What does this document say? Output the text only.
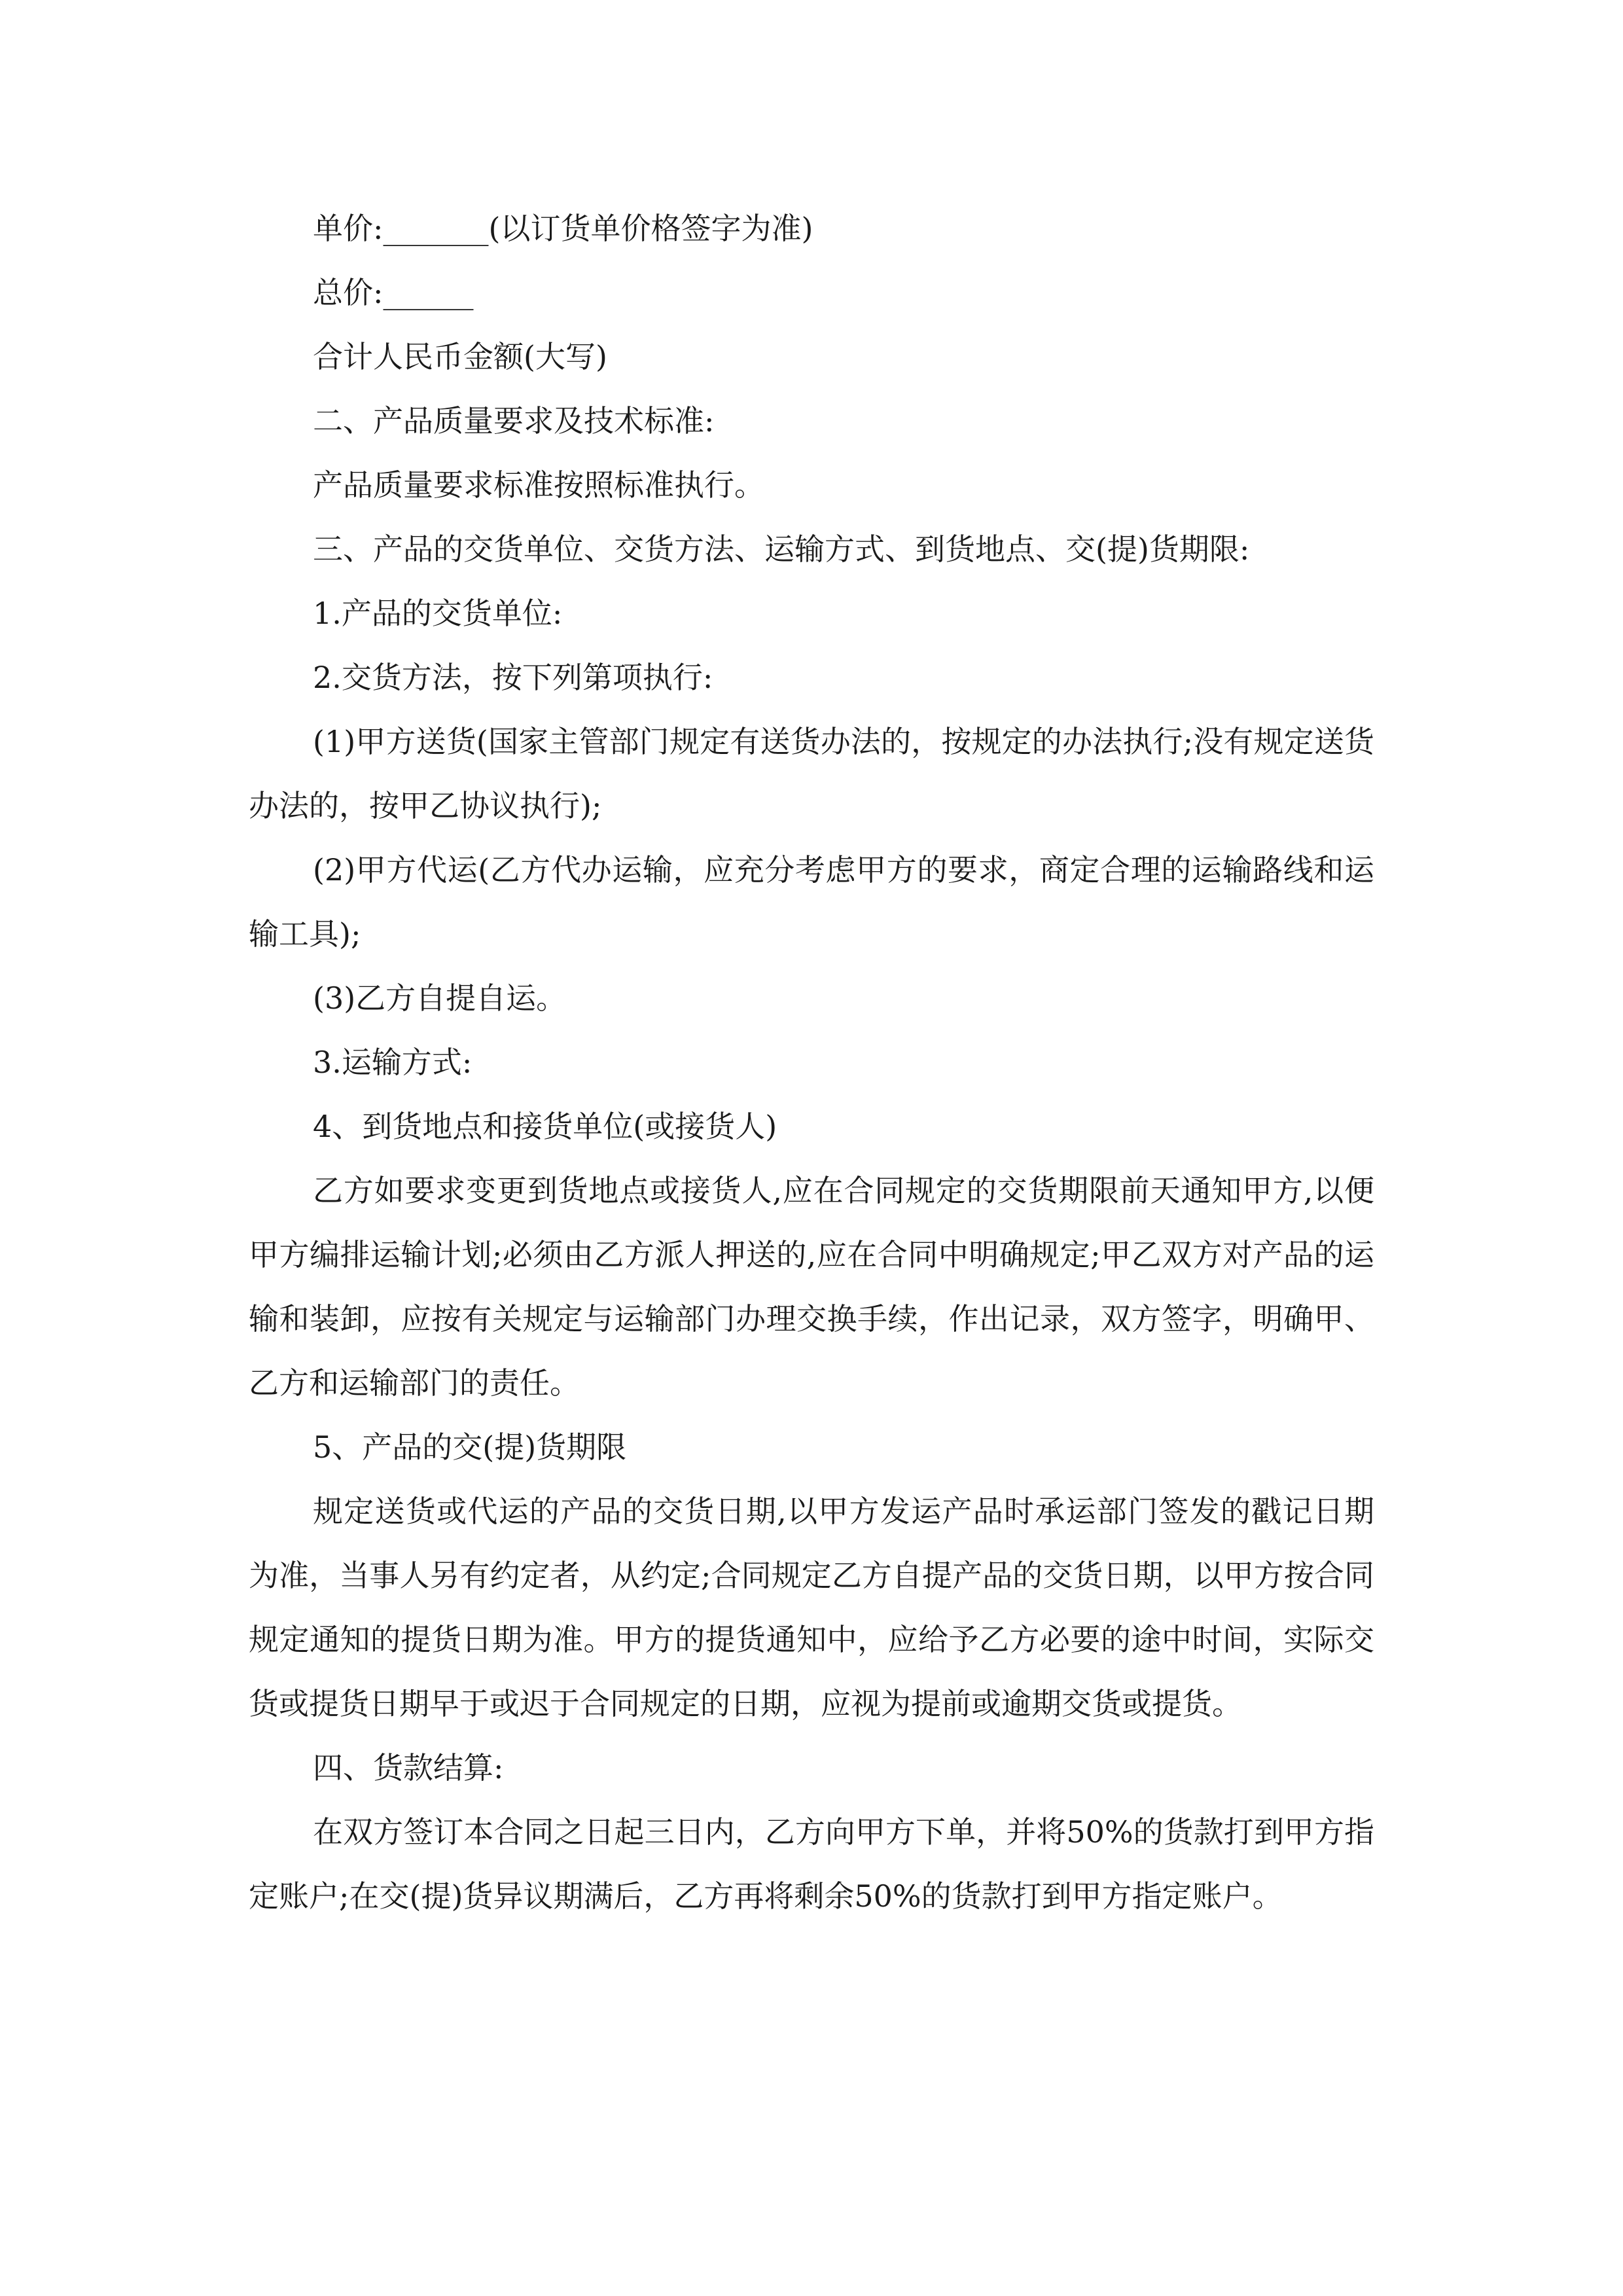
单价:_______(以订货单价格签字为准)

总价:______

合计人民币金额(大写)

二、产品质量要求及技术标准:

产品质量要求标准按照标准执行。

三、产品的交货单位、交货方法、运输方式、到货地点、交(提)货期限:

1.产品的交货单位:

2.交货方法，按下列第项执行:

(1)甲方送货(国家主管部门规定有送货办法的，按规定的办法执行;没有规定送货办法的，按甲乙协议执行);

(2)甲方代运(乙方代办运输，应充分考虑甲方的要求，商定合理的运输路线和运输工具);

(3)乙方自提自运。

3.运输方式:

4、到货地点和接货单位(或接货人)

乙方如要求变更到货地点或接货人,应在合同规定的交货期限前天通知甲方,以便甲方编排运输计划;必须由乙方派人押送的,应在合同中明确规定;甲乙双方对产品的运输和装卸，应按有关规定与运输部门办理交换手续，作出记录，双方签字，明确甲、乙方和运输部门的责任。

5、产品的交(提)货期限

规定送货或代运的产品的交货日期,以甲方发运产品时承运部门签发的戳记日期为准，当事人另有约定者，从约定;合同规定乙方自提产品的交货日期，以甲方按合同规定通知的提货日期为准。甲方的提货通知中，应给予乙方必要的途中时间，实际交货或提货日期早于或迟于合同规定的日期，应视为提前或逾期交货或提货。

四、货款结算:

在双方签订本合同之日起三日内，乙方向甲方下单，并将50%的货款打到甲方指定账户;在交(提)货异议期满后，乙方再将剩余50%的货款打到甲方指定账户。
